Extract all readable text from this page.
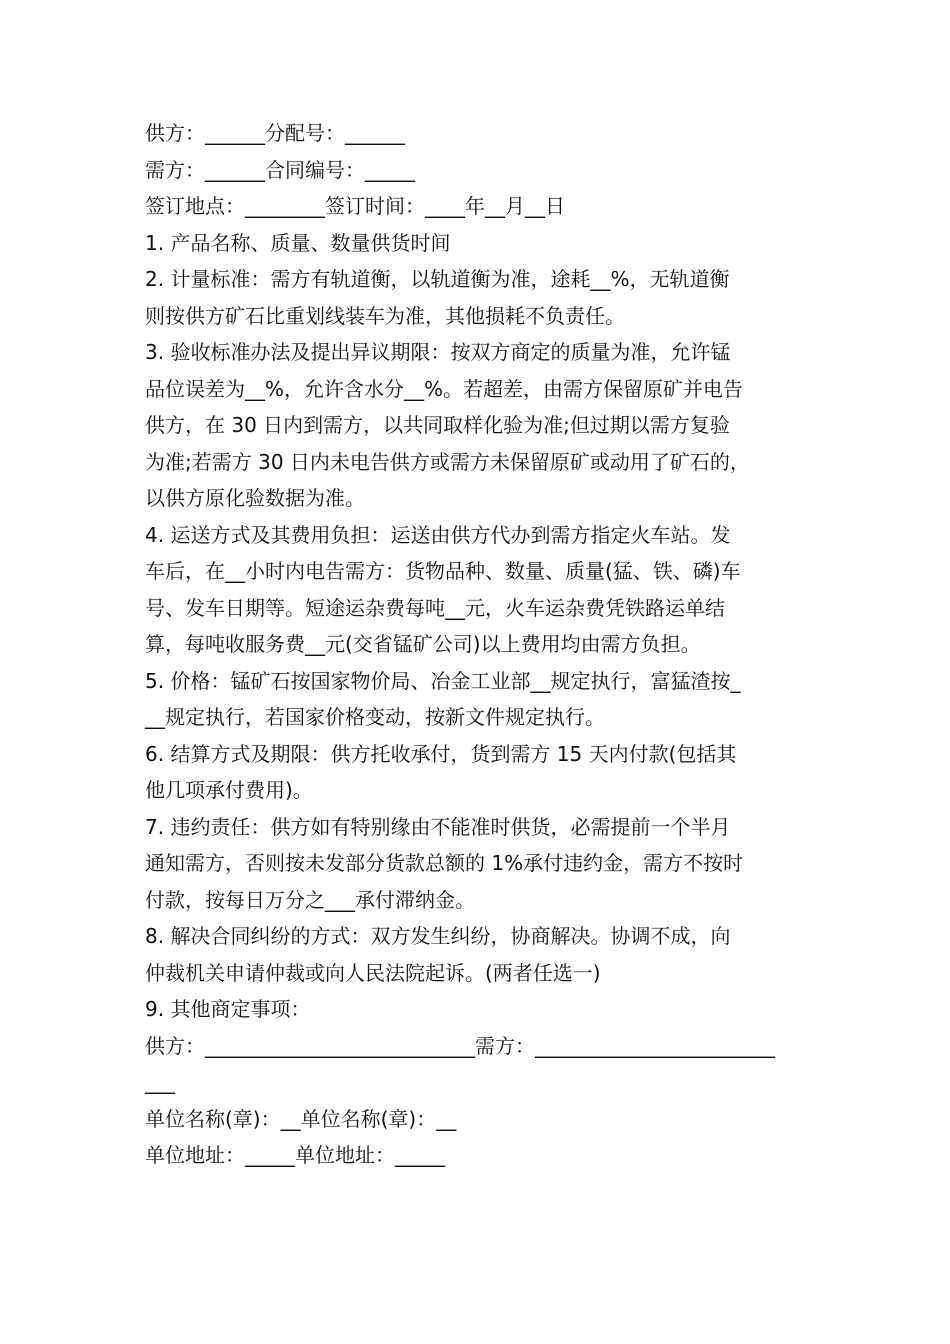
供方：______分配号：______
需方：______合同编号：_____
签订地点：________签订时间：____年__月__日
1. 产品名称、质量、数量供货时间
2. 计量标准：需方有轨道衡，以轨道衡为准，途耗__%，无轨道衡
则按供方矿石比重划线装车为准，其他损耗不负责任。
3. 验收标准办法及提出异议期限：按双方商定的质量为准，允许锰
品位误差为__%，允许含水分__%。若超差，由需方保留原矿并电告
供方，在 30 日内到需方，以共同取样化验为准;但过期以需方复验
为准;若需方 30 日内未电告供方或需方未保留原矿或动用了矿石的，
以供方原化验数据为准。
4. 运送方式及其费用负担：运送由供方代办到需方指定火车站。发
车后，在__小时内电告需方：货物品种、数量、质量(猛、铁、磷)车
号、发车日期等。短途运杂费每吨__元，火车运杂费凭铁路运单结
算，每吨收服务费__元(交省锰矿公司)以上费用均由需方负担。
5. 价格：锰矿石按国家物价局、冶金工业部__规定执行，富猛渣按_
__规定执行，若国家价格变动，按新文件规定执行。
6. 结算方式及期限：供方托收承付，货到需方 15 天内付款(包括其
他几项承付费用)。
7. 违约责任：供方如有特别缘由不能准时供货，必需提前一个半月
通知需方，否则按未发部分货款总额的 1%承付违约金，需方不按时
付款，按每日万分之___承付滞纳金。
8. 解决合同纠纷的方式：双方发生纠纷，协商解决。协调不成，向
仲裁机关申请仲裁或向人民法院起诉。(两者任选一)
9. 其他商定事项：
供方：___________________________需方：________________________
___
单位名称(章)：__单位名称(章)：__
单位地址：_____单位地址：_____
